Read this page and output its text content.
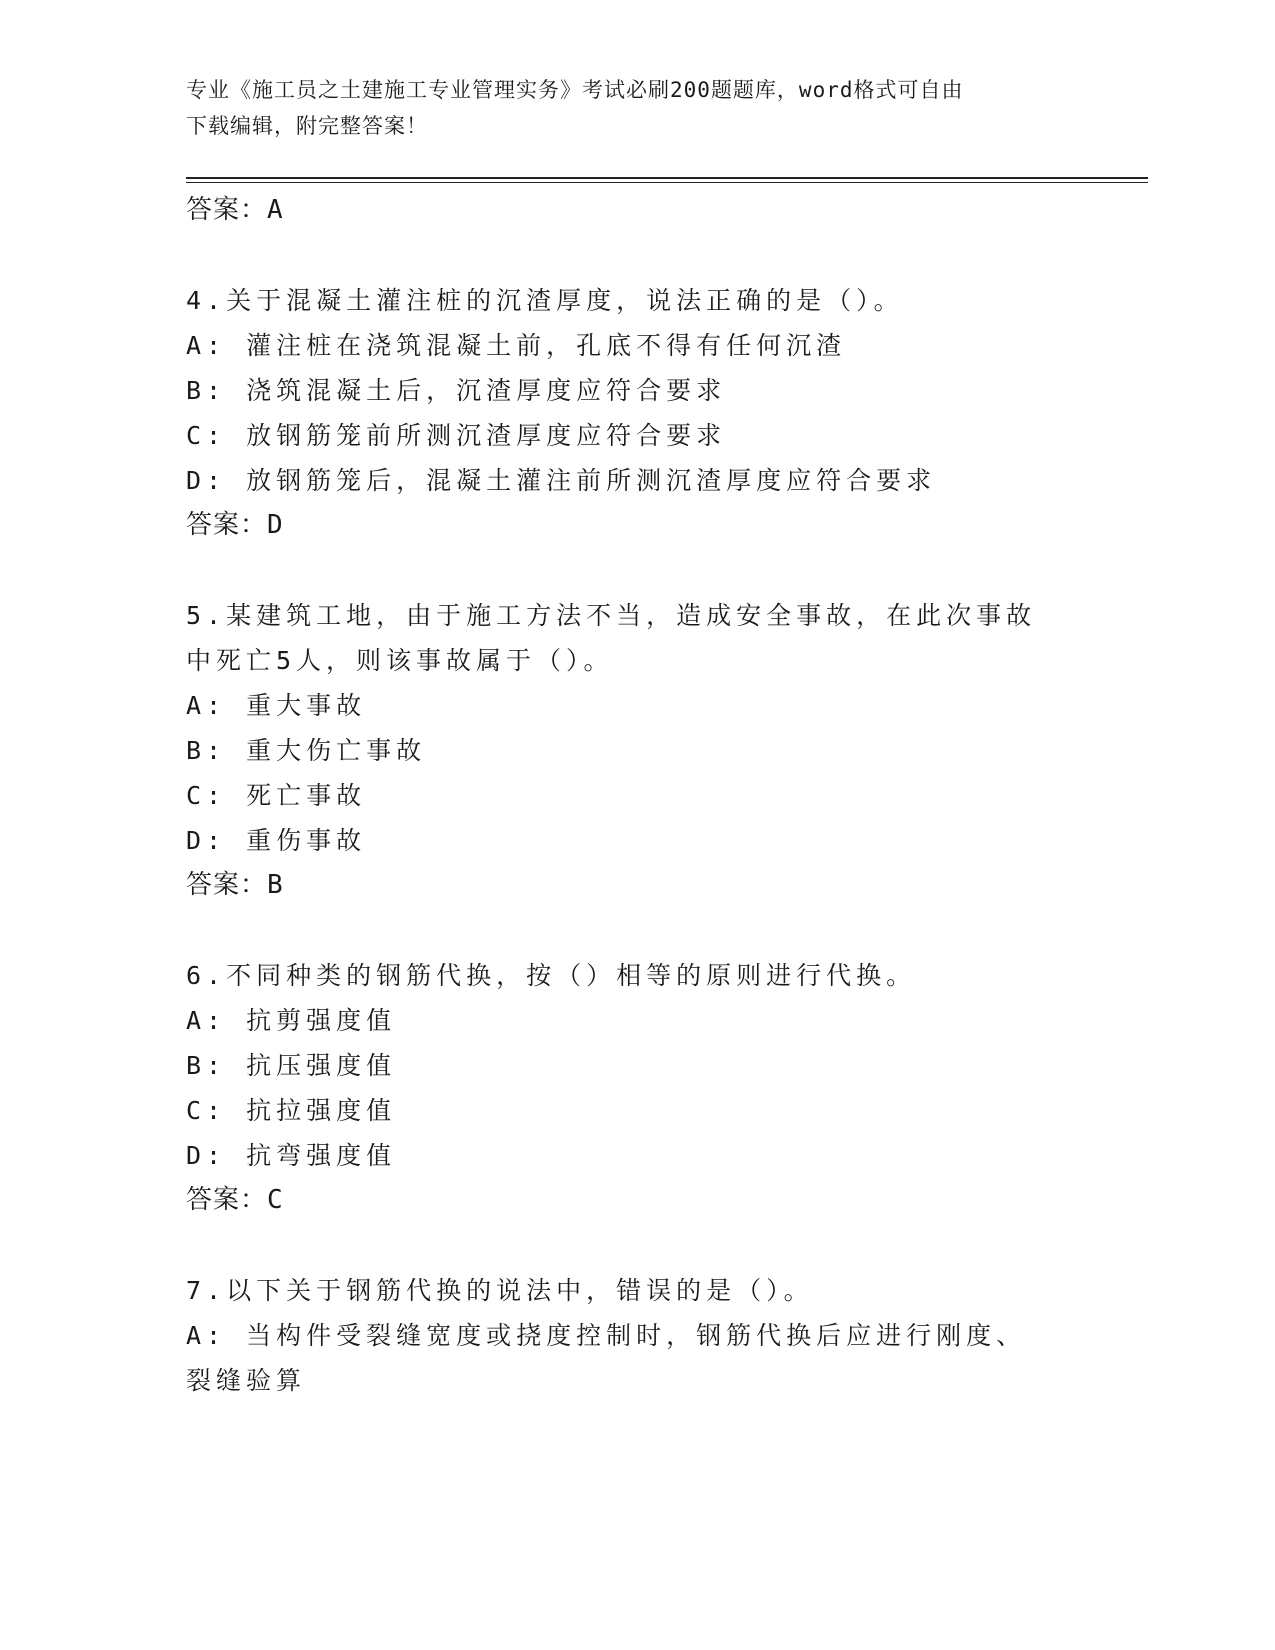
专业《施工员之土建施工专业管理实务》考试必刷200题题库，word格式可自由
下载编辑，附完整答案！
答案：A
4.关于混凝土灌注桩的沉渣厚度，说法正确的是（）。
A: 灌注桩在浇筑混凝土前，孔底不得有任何沉渣
B: 浇筑混凝土后，沉渣厚度应符合要求
C: 放钢筋笼前所测沉渣厚度应符合要求
D: 放钢筋笼后，混凝土灌注前所测沉渣厚度应符合要求
答案：D
5.某建筑工地，由于施工方法不当，造成安全事故，在此次事故中死亡5人，则该事故属于（）。
A: 重大事故
B: 重大伤亡事故
C: 死亡事故
D: 重伤事故
答案：B
6.不同种类的钢筋代换，按（）相等的原则进行代换。
A: 抗剪强度值
B: 抗压强度值
C: 抗拉强度值
D: 抗弯强度值
答案：C
7.以下关于钢筋代换的说法中，错误的是（）。
A: 当构件受裂缝宽度或挠度控制时，钢筋代换后应进行刚度、裂缝验算
